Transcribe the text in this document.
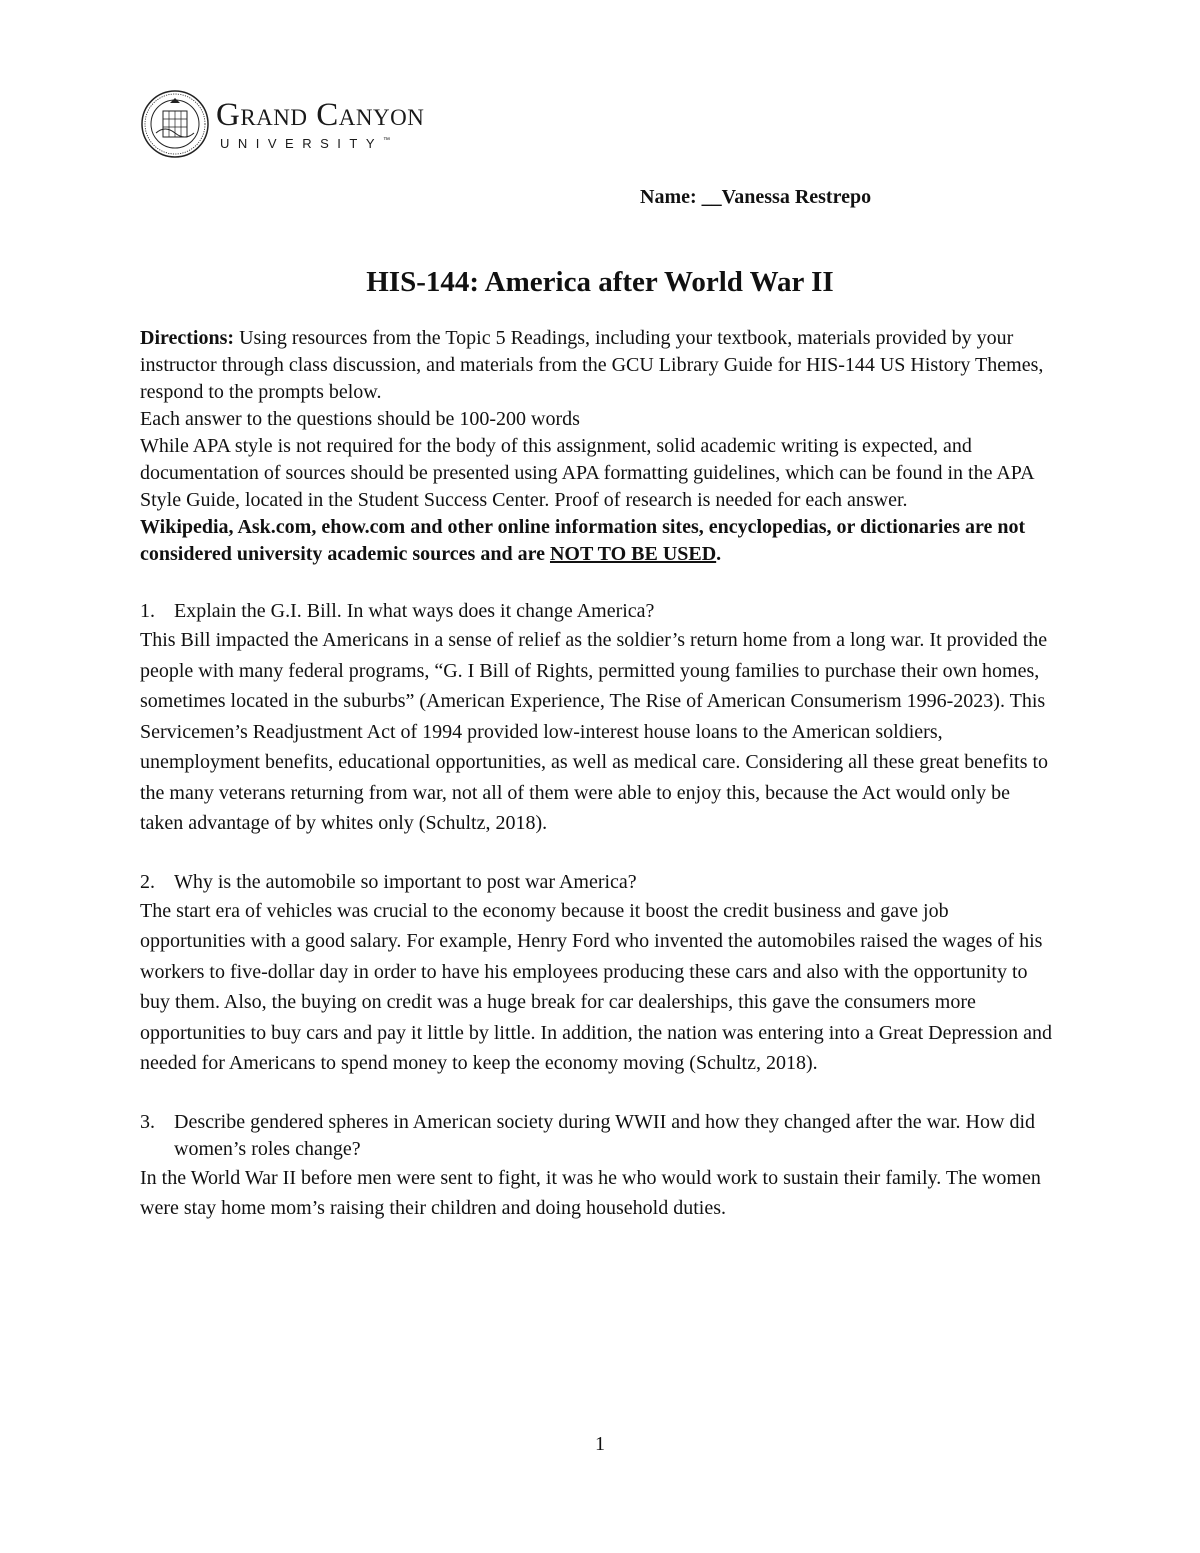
Grand Canyon
UNIVERSITY™
Name: __Vanessa Restrepo
HIS-144: America after World War II

Directions: Using resources from the Topic 5 Readings, including your textbook, materials provided by your instructor through class discussion, and materials from the GCU Library Guide for HIS-144 US History Themes, respond to the prompts below.

Each answer to the questions should be 100-200 words

While APA style is not required for the body of this assignment, solid academic writing is expected, and documentation of sources should be presented using APA formatting guidelines, which can be found in the APA Style Guide, located in the Student Success Center. Proof of research is needed for each answer.

Wikipedia, Ask.com, ehow.com and other online information sites, encyclopedias, or dictionaries are not considered university academic sources and are NOT TO BE USED.

1. Explain the G.I. Bill. In what ways does it change America?

This Bill impacted the Americans in a sense of relief as the soldier’s return home from a long war. It provided the people with many federal programs, “G. I Bill of Rights, permitted young families to purchase their own homes, sometimes located in the suburbs” (American Experience, The Rise of American Consumerism 1996-2023). This Servicemen’s Readjustment Act of 1994 provided low-interest house loans to the American soldiers, unemployment benefits, educational opportunities, as well as medical care. Considering all these great benefits to the many veterans returning from war, not all of them were able to enjoy this, because the Act would only be taken advantage of by whites only (Schultz, 2018).

2. Why is the automobile so important to post war America?

The start era of vehicles was crucial to the economy because it boost the credit business and gave job opportunities with a good salary. For example, Henry Ford who invented the automobiles raised the wages of his workers to five-dollar day in order to have his employees producing these cars and also with the opportunity to buy them. Also, the buying on credit was a huge break for car dealerships, this gave the consumers more opportunities to buy cars and pay it little by little. In addition, the nation was entering into a Great Depression and needed for Americans to spend money to keep the economy moving (Schultz, 2018).

3. Describe gendered spheres in American society during WWII and how they changed after the war. How did women’s roles change?

In the World War II before men were sent to fight, it was he who would work to sustain their family. The women were stay home mom’s raising their children and doing household duties.

1
